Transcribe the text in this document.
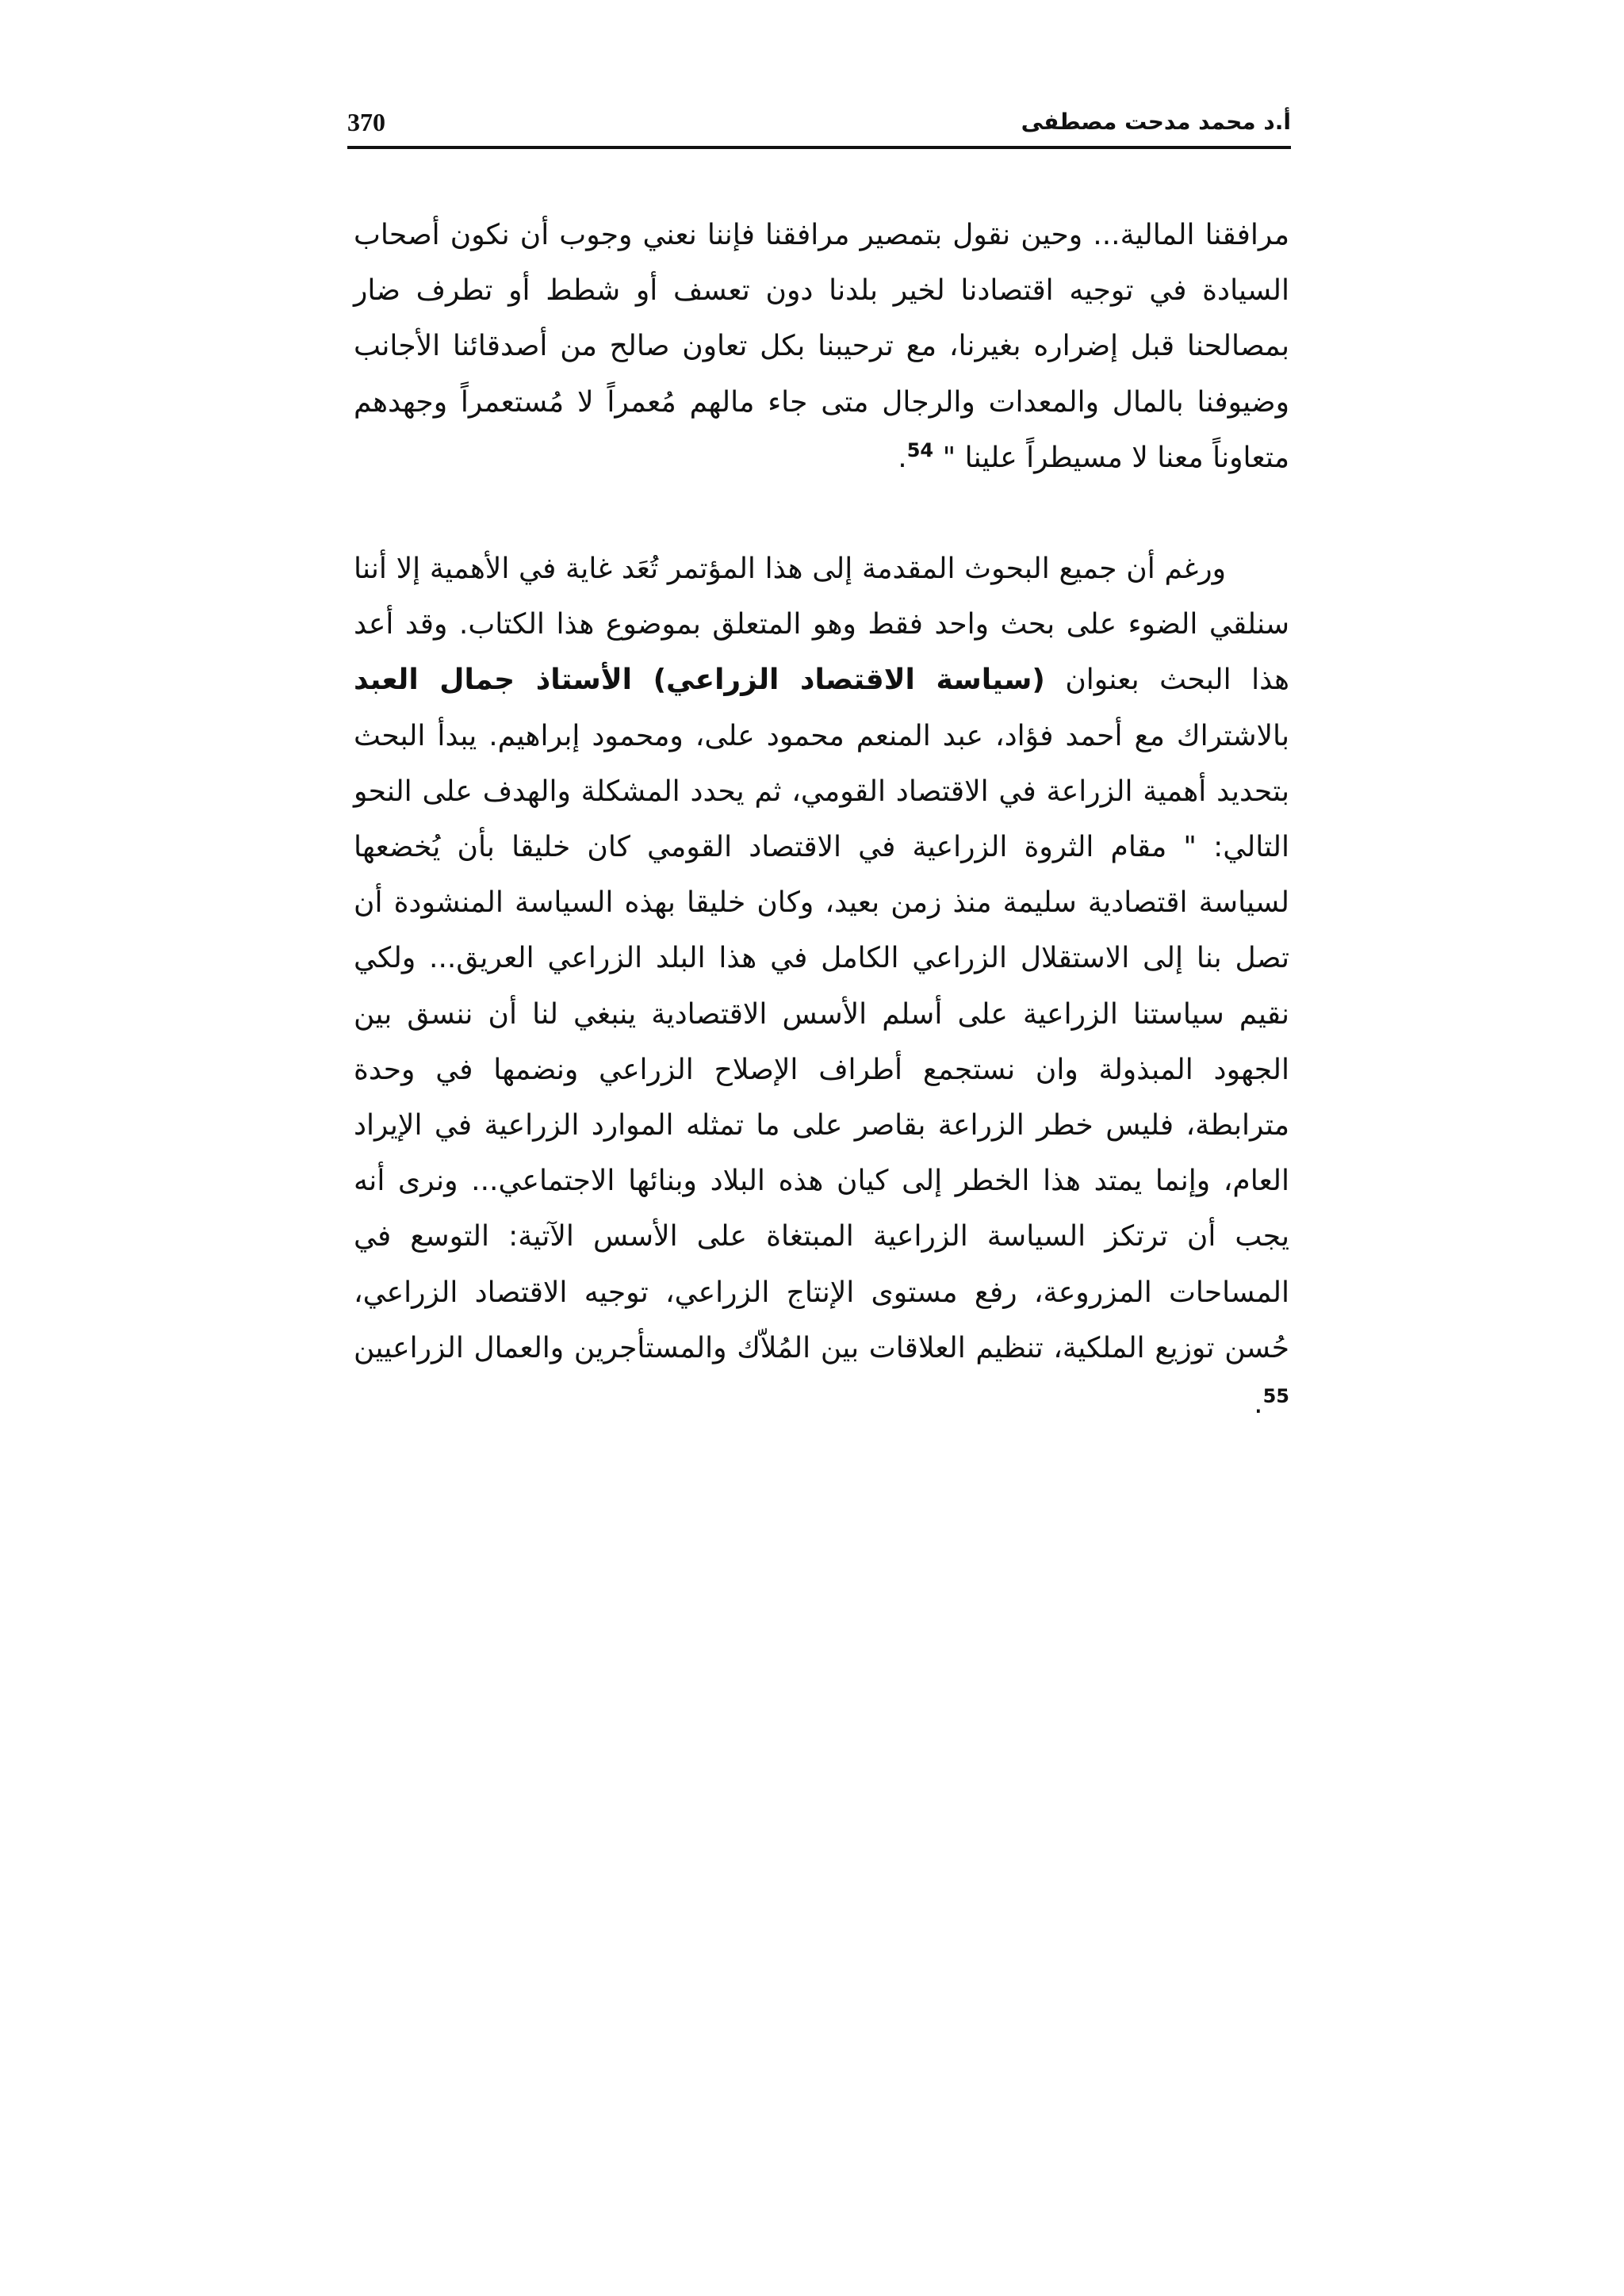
370	أ.د محمد مدحت مصطفى

مرافقنا المالية... وحين نقول بتمصير مرافقنا فإننا نعني وجوب أن نكون أصحاب السيادة في توجيه اقتصادنا لخير بلدنا دون تعسف أو شطط أو تطرف ضار بمصالحنا قبل إضراره بغيرنا، مع ترحيبنا بكل تعاون صالح من أصدقائنا الأجانب وضيوفنا بالمال والمعدات والرجال متى جاء مالهم مُعمراً لا مُستعمراً وجهدهم متعاوناً معنا لا مسيطراً علينا " $^{54}$.

ورغم أن جميع البحوث المقدمة إلى هذا المؤتمر تُعَد غاية في الأهمية إلا أننا سنلقي الضوء على بحث واحد فقط وهو المتعلق بموضوع هذا الكتاب. وقد أعد هذا البحث بعنوان (سياسة الاقتصاد الزراعي) الأستاذ جمال العبد بالاشتراك مع أحمد فؤاد، عبد المنعم محمود على، ومحمود إبراهيم. يبدأ البحث بتحديد أهمية الزراعة في الاقتصاد القومي، ثم يحدد المشكلة والهدف على النحو التالي: " مقام الثروة الزراعية في الاقتصاد القومي كان خليقا بأن يُخضعها لسياسة اقتصادية سليمة منذ زمن بعيد، وكان خليقا بهذه السياسة المنشودة أن تصل بنا إلى الاستقلال الزراعي الكامل في هذا البلد الزراعي العريق... ولكي نقيم سياستنا الزراعية على أسلم الأسس الاقتصادية ينبغي لنا أن ننسق بين الجهود المبذولة وان نستجمع أطراف الإصلاح الزراعي ونضمها في وحدة مترابطة، فليس خطر الزراعة بقاصر على ما تمثله الموارد الزراعية في الإيراد العام، وإنما يمتد هذا الخطر إلى كيان هذه البلاد وبنائها الاجتماعي... ونرى أنه يجب أن ترتكز السياسة الزراعية المبتغاة على الأسس الآتية: التوسع في المساحات المزروعة، رفع مستوى الإنتاج الزراعي، توجيه الاقتصاد الزراعي، حُسن توزيع الملكية، تنظيم العلاقات بين المُلاّك والمستأجرين والعمال الزراعيين $^{55}$.
